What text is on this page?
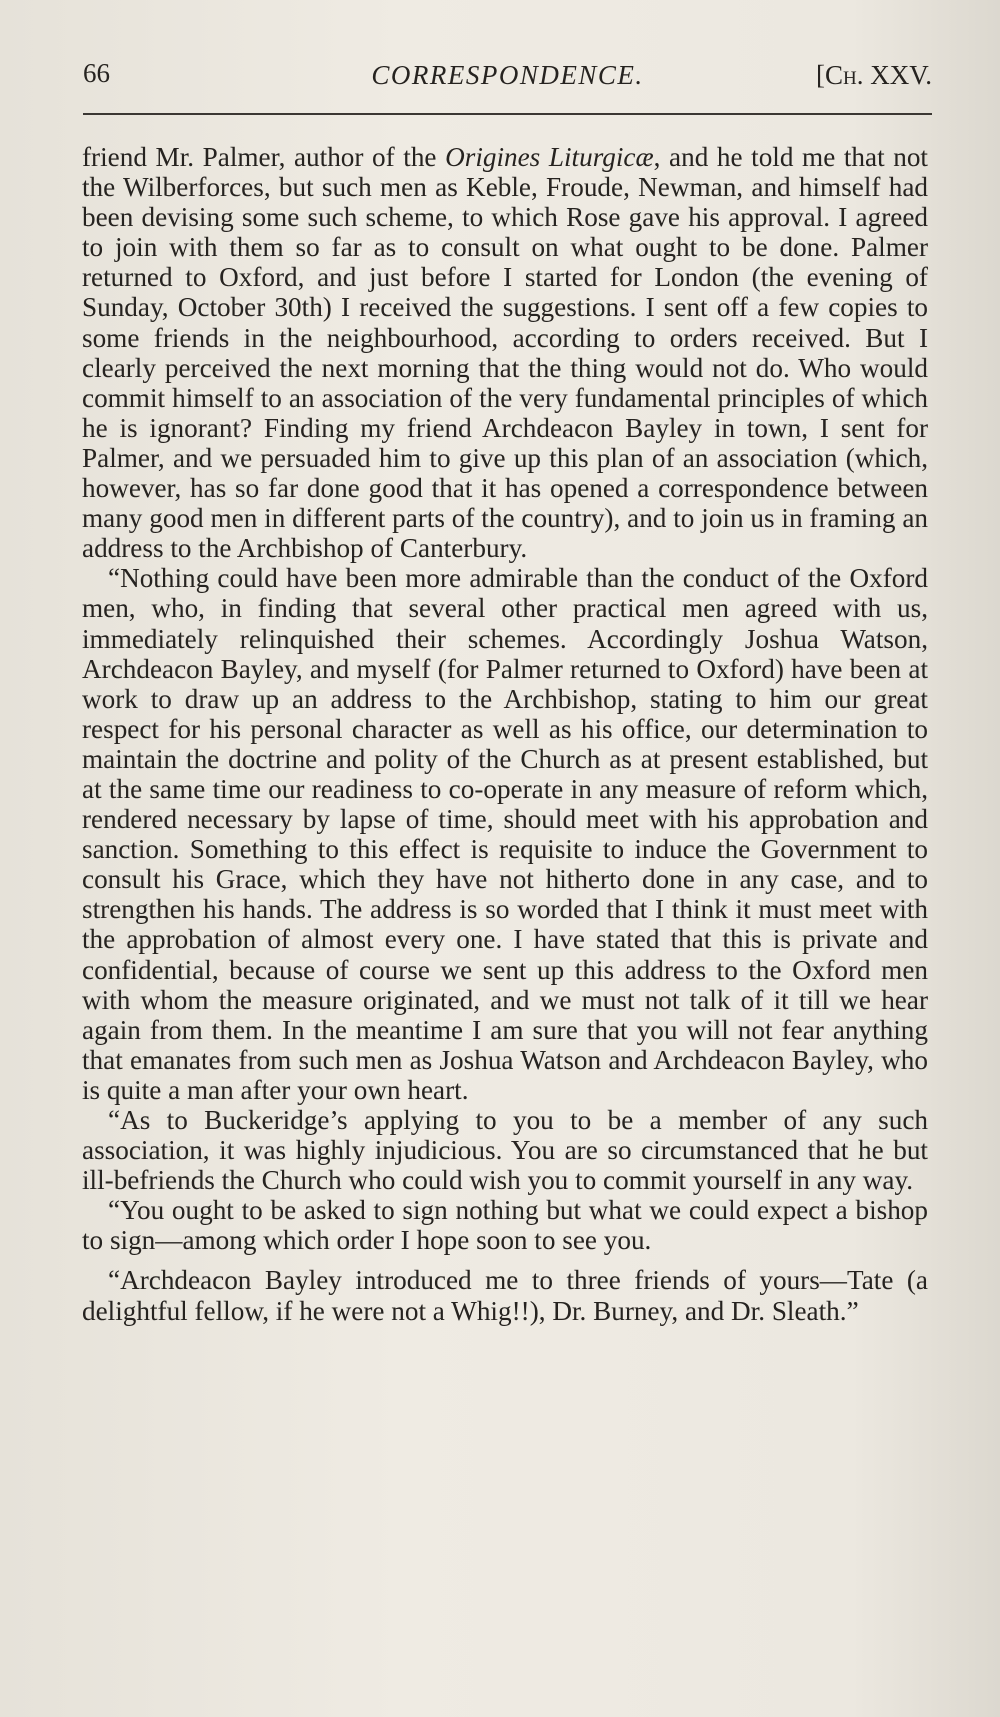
66	CORRESPONDENCE.	[Ch. XXV.

friend Mr. Palmer, author of the Origines Liturgicæ, and he told me that not the Wilberforces, but such men as Keble, Froude, Newman, and himself had been devising some such scheme, to which Rose gave his approval. I agreed to join with them so far as to consult on what ought to be done. Palmer returned to Oxford, and just before I started for London (the evening of Sunday, October 30th) I received the suggestions. I sent off a few copies to some friends in the neighbourhood, according to orders received. But I clearly perceived the next morning that the thing would not do. Who would commit himself to an association of the very fundamental principles of which he is ignorant? Finding my friend Archdeacon Bayley in town, I sent for Palmer, and we persuaded him to give up this plan of an association (which, however, has so far done good that it has opened a correspondence between many good men in different parts of the country), and to join us in framing an address to the Archbishop of Canterbury.

“Nothing could have been more admirable than the conduct of the Oxford men, who, in finding that several other practical men agreed with us, immediately relinquished their schemes. Accordingly Joshua Watson, Archdeacon Bayley, and myself (for Palmer returned to Oxford) have been at work to draw up an address to the Archbishop, stating to him our great respect for his personal character as well as his office, our determination to maintain the doctrine and polity of the Church as at present established, but at the same time our readiness to co-operate in any measure of reform which, rendered necessary by lapse of time, should meet with his approbation and sanction. Something to this effect is requisite to induce the Government to consult his Grace, which they have not hitherto done in any case, and to strengthen his hands. The address is so worded that I think it must meet with the approbation of almost every one. I have stated that this is private and confidential, because of course we sent up this address to the Oxford men with whom the measure originated, and we must not talk of it till we hear again from them. In the meantime I am sure that you will not fear anything that emanates from such men as Joshua Watson and Archdeacon Bayley, who is quite a man after your own heart.

“As to Buckeridge’s applying to you to be a member of any such association, it was highly injudicious. You are so circumstanced that he but ill-befriends the Church who could wish you to commit yourself in any way.

“You ought to be asked to sign nothing but what we could expect a bishop to sign—among which order I hope soon to see you.

“Archdeacon Bayley introduced me to three friends of yours—Tate (a delightful fellow, if he were not a Whig!!), Dr. Burney, and Dr. Sleath.”
